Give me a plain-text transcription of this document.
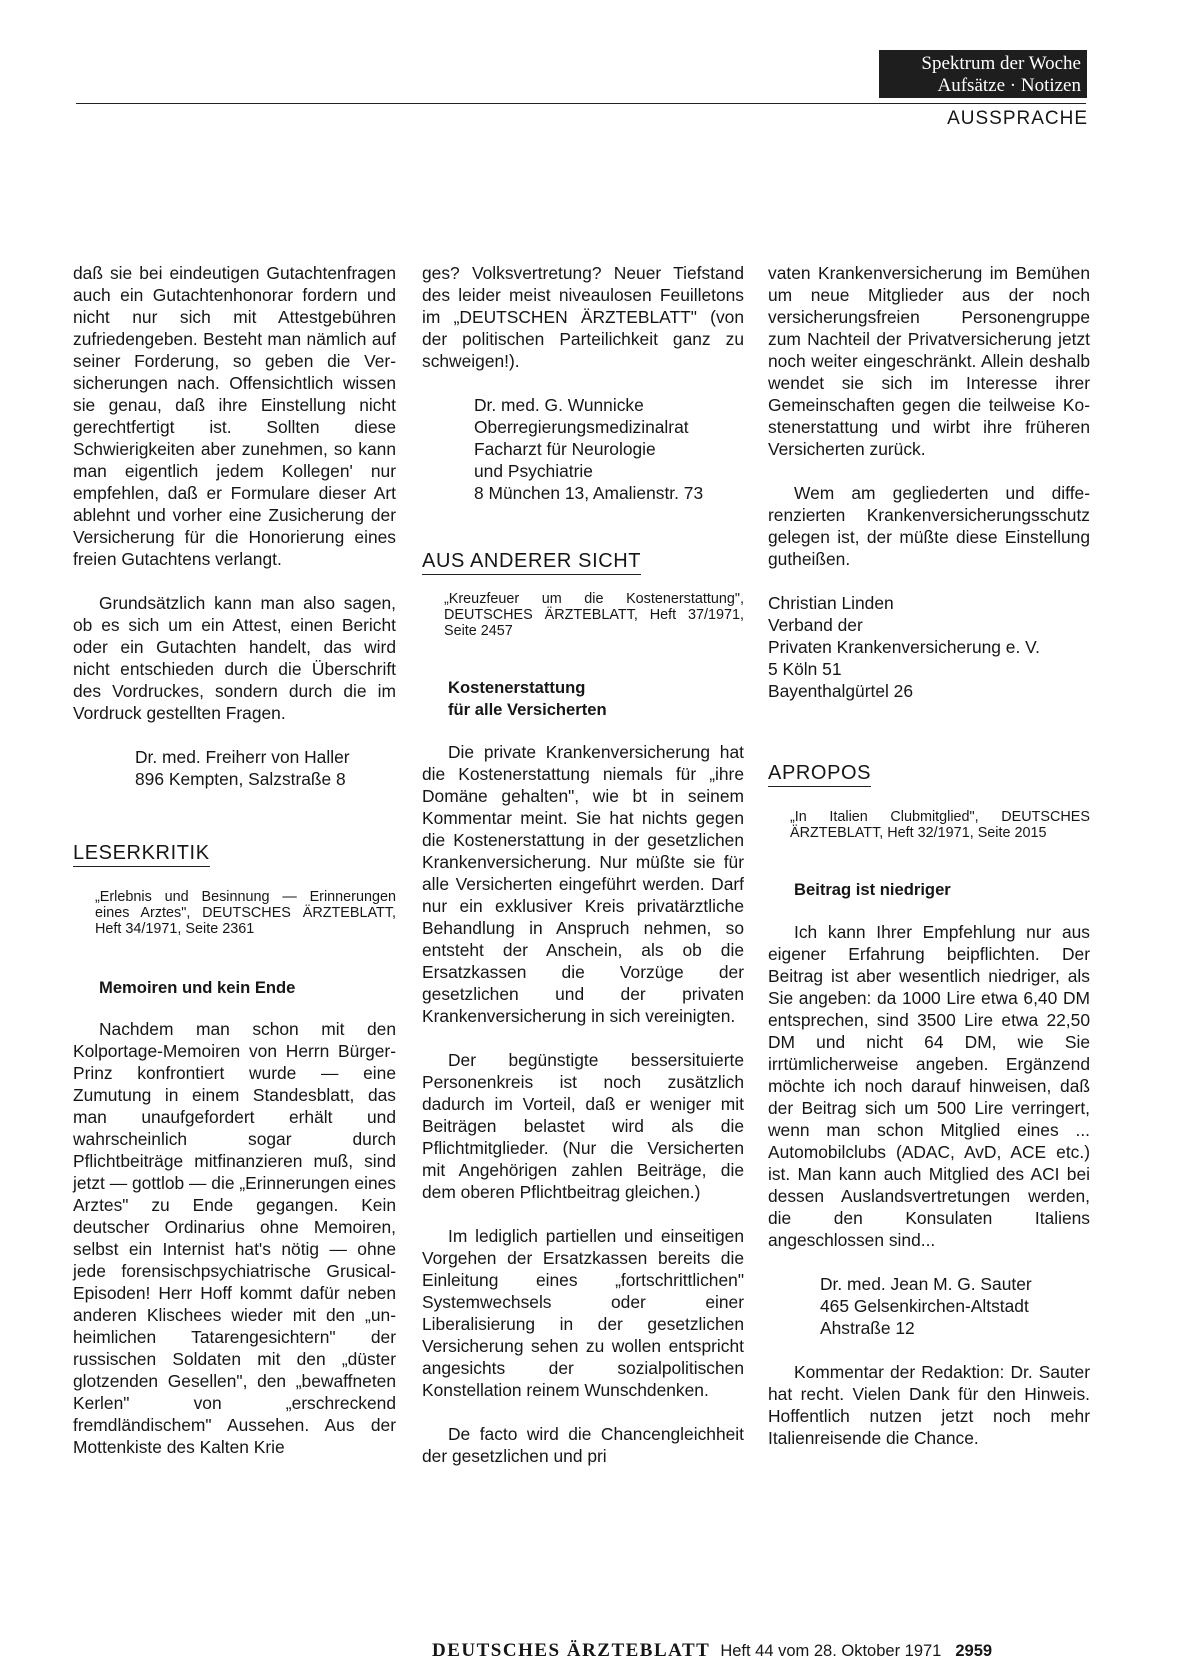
Spektrum der Woche
Aufsätze · Notizen
AUSSPRACHE

daß sie bei eindeutigen Gutachtenfragen auch ein Gutachtenhonorar fordern und nicht nur sich mit Attestgebühren zufriedengeben. Besteht man nämlich auf seiner Forderung, so geben die Versicherungen nach. Offensichtlich wissen sie genau, daß ihre Einstellung nicht gerechtfertigt ist. Sollten diese Schwierigkeiten aber zunehmen, so kann man eigentlich jedem Kollegen' nur empfehlen, daß er Formulare dieser Art ablehnt und vorher eine Zusicherung der Versicherung für die Honorierung eines freien Gutachtens verlangt.

Grundsätzlich kann man also sagen, ob es sich um ein Attest, einen Bericht oder ein Gutachten handelt, das wird nicht entschieden durch die Überschrift des Vordruckes, sondern durch die im Vordruck gestellten Fragen.

Dr. med. Freiherr von Haller
896 Kempten, Salzstraße 8
LESERKRITIK

„Erlebnis und Besinnung — Erinnerungen eines Arztes", DEUTSCHES ÄRZTEBLATT, Heft 34/1971, Seite 2361

Memoiren und kein Ende

Nachdem man schon mit den Kolportage-Memoiren von Herrn Bürger-Prinz konfrontiert wurde — eine Zumutung in einem Standesblatt, das man unaufgefordert erhält und wahrscheinlich sogar durch Pflichtbeiträge mitfinanzieren muß, sind jetzt — gottlob — die „Erinnerungen eines Arztes" zu Ende gegangen. Kein deutscher Ordinarius ohne Memoiren, selbst ein Internist hat's nötig — ohne jede forensischpsychiatrische Grusical-Episoden! Herr Hoff kommt dafür neben anderen Klischees wieder mit den „unheimlichen Tatarengesichtern" der russischen Soldaten mit den „düster glotzenden Gesellen", den „bewaffneten Kerlen" von „erschreckend fremdländischem" Aussehen. Aus der Mottenkiste des Kalten Krie

ges? Volksvertretung? Neuer Tiefstand des leider meist niveaulosen Feuilletons im „DEUTSCHEN ÄRZTEBLATT" (von der politischen Parteilichkeit ganz zu schweigen!).

Dr. med. G. Wunnicke
Oberregierungsmedizinalrat
Facharzt für Neurologie
und Psychiatrie
8 München 13, Amalienstr. 73
AUS ANDERER SICHT

„Kreuzfeuer um die Kostenerstattung", DEUTSCHES ÄRZTEBLATT, Heft 37/1971, Seite 2457

Kostenerstattung

für alle Versicherten

Die private Krankenversicherung hat die Kostenerstattung niemals für „ihre Domäne gehalten", wie bt in seinem Kommentar meint. Sie hat nichts gegen die Kostenerstattung in der gesetzlichen Krankenversicherung. Nur müßte sie für alle Versicherten eingeführt werden. Darf nur ein exklusiver Kreis privatärztliche Behandlung in Anspruch nehmen, so entsteht der Anschein, als ob die Ersatzkassen die Vorzüge der gesetzlichen und der privaten Krankenversicherung in sich vereinigten.

Der begünstigte bessersituierte Personenkreis ist noch zusätzlich dadurch im Vorteil, daß er weniger mit Beiträgen belastet wird als die Pflichtmitglieder. (Nur die Versicherten mit Angehörigen zahlen Beiträge, die dem oberen Pflichtbeitrag gleichen.)

Im lediglich partiellen und einseitigen Vorgehen der Ersatzkassen bereits die Einleitung eines „fortschrittlichen" Systemwechsels oder einer Liberalisierung in der gesetzlichen Versicherung sehen zu wollen entspricht angesichts der sozialpolitischen Konstellation reinem Wunschdenken.

De facto wird die Chancengleichheit der gesetzlichen und pri

vaten Krankenversicherung im Bemühen um neue Mitglieder aus der noch versicherungsfreien Personengruppe zum Nachteil der Privatversicherung jetzt noch weiter eingeschränkt. Allein deshalb wendet sie sich im Interesse ihrer Gemeinschaften gegen die teilweise Kostenerstattung und wirbt ihre früheren Versicherten zurück.

Wem am gegliederten und differenzierten Krankenversicherungsschutz gelegen ist, der müßte diese Einstellung gutheißen.

Christian Linden
Verband der
Privaten Krankenversicherung e. V.
5 Köln 51
Bayenthalgürtel 26
APROPOS

„In Italien Clubmitglied", DEUTSCHES ÄRZTEBLATT, Heft 32/1971, Seite 2015

Beitrag ist niedriger

Ich kann Ihrer Empfehlung nur aus eigener Erfahrung beipflichten. Der Beitrag ist aber wesentlich niedriger, als Sie angeben: da 1000 Lire etwa 6,40 DM entsprechen, sind 3500 Lire etwa 22,50 DM und nicht 64 DM, wie Sie irrtümlicherweise angeben. Ergänzend möchte ich noch darauf hinweisen, daß der Beitrag sich um 500 Lire verringert, wenn man schon Mitglied eines ... Automobilclubs (ADAC, AvD, ACE etc.) ist. Man kann auch Mitglied des ACI bei dessen Auslandsvertretungen werden, die den Konsulaten Italiens angeschlossen sind...

Dr. med. Jean M. G. Sauter
465 Gelsenkirchen-Altstadt
Ahstraße 12

Kommentar der Redaktion: Dr. Sauter hat recht. Vielen Dank für den Hinweis. Hoffentlich nutzen jetzt noch mehr Italienreisende die Chance.

DEUTSCHES ÄRZTEBLATT Heft 44 vom 28. Oktober 1971 2959
